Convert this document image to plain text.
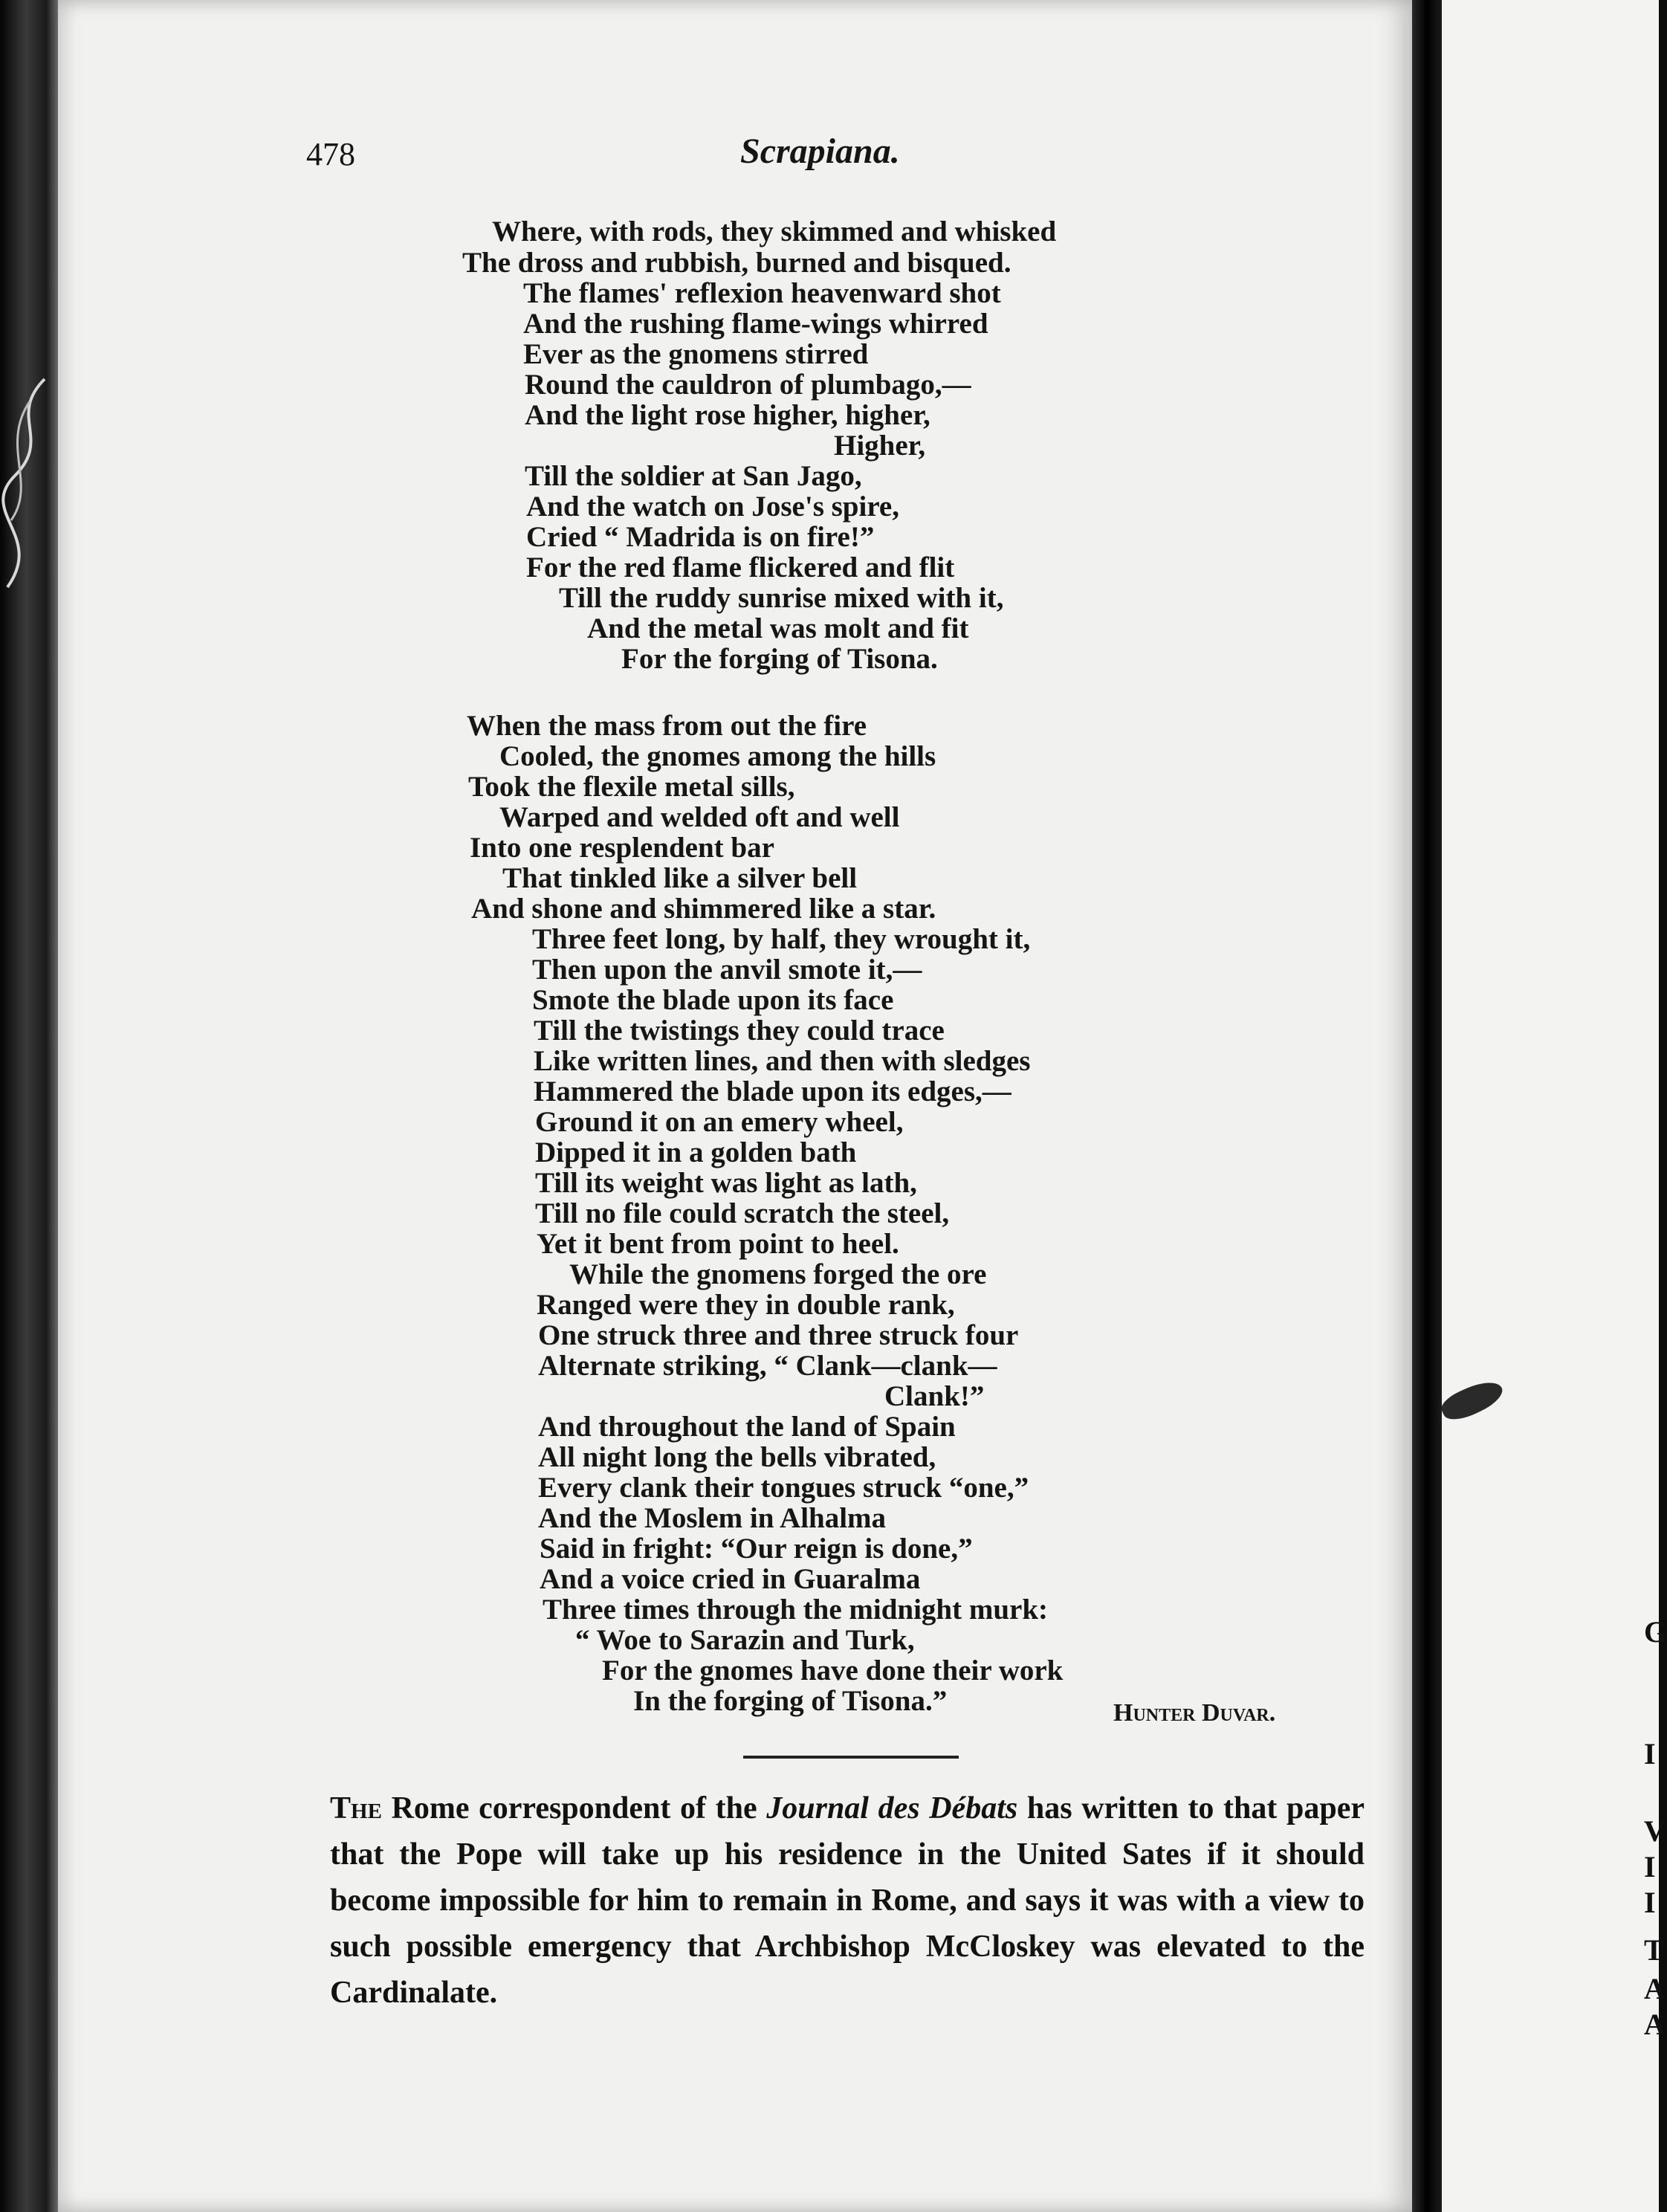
478	Scrapiana.

Where, with rods, they skimmed and whisked

The dross and rubbish, burned and bisqued.

The flames' reflexion heavenward shot

And the rushing flame-wings whirred

Ever as the gnomens stirred

Round the cauldron of plumbago,—

And the light rose higher, higher,

Higher,

Till the soldier at San Jago,

And the watch on Jose's spire,

Cried “ Madrida is on fire!”

For the red flame flickered and flit

Till the ruddy sunrise mixed with it,

And the metal was molt and fit

For the forging of Tisona.

When the mass from out the fire

Cooled, the gnomes among the hills

Took the flexile metal sills,

Warped and welded oft and well

Into one resplendent bar

That tinkled like a silver bell

And shone and shimmered like a star.

Three feet long, by half, they wrought it,

Then upon the anvil smote it,—

Smote the blade upon its face

Till the twistings they could trace

Like written lines, and then with sledges

Hammered the blade upon its edges,—

Ground it on an emery wheel,

Dipped it in a golden bath

Till its weight was light as lath,

Till no file could scratch the steel,

Yet it bent from point to heel.

While the gnomens forged the ore

Ranged were they in double rank,

One struck three and three struck four

Alternate striking, “ Clank—clank—

Clank!”

And throughout the land of Spain

All night long the bells vibrated,

Every clank their tongues struck “one,”

And the Moslem in Alhalma

Said in fright: “Our reign is done,”

And a voice cried in Guaralma

Three times through the midnight murk:

“ Woe to Sarazin and Turk,

For the gnomes have done their work

In the forging of Tisona.”	Hunter Duvar.

The Rome correspondent of the Journal des Débats has written to that paper that the Pope will take up his residence in the United Sates if it should become impossible for him to remain in Rome, and says it was with a view to such possible emergency that Archbishop McCloskey was elevated to the Cardinalate.

G
I
V
I
I
T
A
A
